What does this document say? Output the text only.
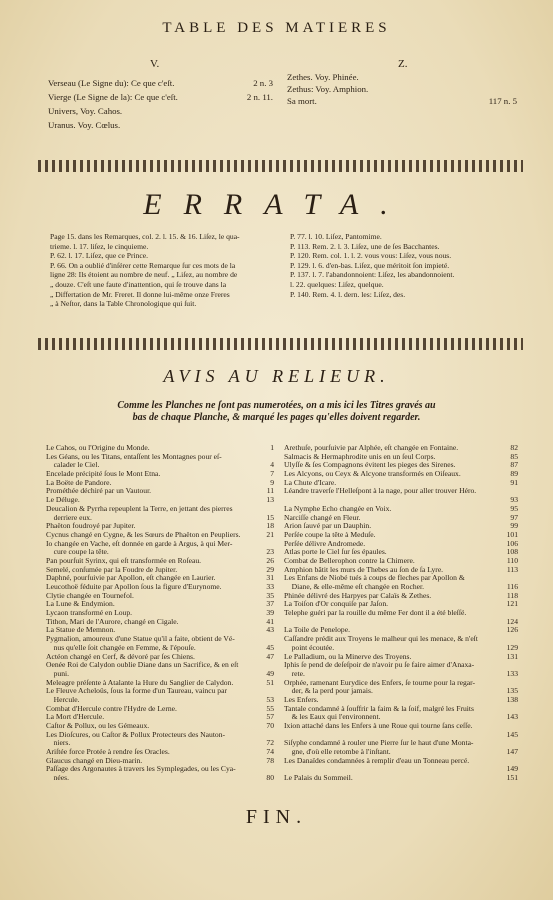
TABLE DES MATIERES
V.	Z.
Verseau (Le Signe du): Ce que c'eſt.	2 n. 3
Vierge (Le Signe de la): Ce que c'eſt.	2 n. 11.
Univers, Voy. Cahos.
Uranus. Voy. Cœlus.
Zethes. Voy. Phinée.
Zethus: Voy. Amphion.
Sa mort.	117 n. 5
ERRATA.
Page 15. dans les Remarques, col. 2. l. 15. & 16. Liſez, le qua-
trieme. l. 17. liſez, le cinquieme.
P. 62. l. 17. Liſez, que ce Prince.
P. 66. On a oublié d'inſérer cette Remarque ſur ces mots de la
ligne 28: Ils étoient au nombre de neuf. „ Liſez, au nombre de
„ douze. C'eſt une faute d'inattention, qui ſe trouve dans la
„ Differtation de Mr. Freret. Il donne lui-même onze Freres
„ à Neſtor, dans la Table Chronologique qui ſuit.
P. 77. l. 10. Liſez, Pantomime.
P. 113. Rem. 2. l. 3. Liſez, une de ſes Bacchantes.
P. 120. Rem. col. 1. l. 2. vous vous: Liſez, vous nous.
P. 129. l. 6. d'en-bas. Liſez, que méritoit ſon impieté.
P. 137. l. 7. l'abandonnoient: Liſez, les abandonnoient.
l. 22. quelques: Liſez, quelque.
P. 140. Rem. 4. l. dern. les: Liſez, des.
AVIS AU RELIEUR.
Comme les Planches ne ſont pas numerotées, on a mis ici les Titres gravés au
bas de chaque Planche, & marqué les pages qu'elles doivent regarder.
Le Cahos, ou l'Origine du Monde.	1
Les Géans, ou les Titans, entaſſent les Montagnes pour eſ-
calader le Ciel.	4
Encelade précipité ſous le Mont Etna.	7
La Boëte de Pandore.	9
Prométhée déchiré par un Vautour.	11
Le Déluge.	13
Deucalion & Pyrrha repeuplent la Terre, en jettant des pierres
derriere eux.	15
Phaëton foudroyé par Jupiter.	18
Cycnus changé en Cygne, & les Sœurs de Phaëton en Peupliers.	21
Io changée en Vache, eſt donnée en garde à Argus, à qui Mer-
cure coupe la tête.	23
Pan pourſuit Syrinx, qui eſt transformée en Roſeau.	26
Semelé, conſumée par la Foudre de Jupiter.	29
Daphné, pourſuivie par Apollon, eſt changée en Laurier.	31
Leucothoë féduite par Apollon ſous la figure d'Eurynome.	33
Clytie changée en Tournefol.	35
La Lune & Endymion.	37
Lycaon transformé en Loup.	39
Tithon, Mari de l'Aurore, changé en Cigale.	41
La Statue de Memnon.	43
Pygmalion, amoureux d'une Statue qu'il a faite, obtient de Vé-
nus qu'elle ſoit changée en Femme, & l'épouſe.	45
Actéon changé en Cerf, & dévoré par ſes Chiens.	47
Oenée Roi de Calydon oublie Diane dans un Sacrifice, & en eſt
puni.	49
Meleagre préſente à Atalante la Hure du Sanglier de Calydon.	51
Le Fleuve Acheloüs, ſous la forme d'un Taureau, vaincu par
Hercule.	53
Combat d'Hercule contre l'Hydre de Lerne.	55
La Mort d'Hercule.	57
Caſtor & Pollux, ou les Gémeaux.	70
Les Dioſcures, ou Caſtor & Pollux Protecteurs des Nauton-
niers.	72
Ariſtée force Protée à rendre ſes Oracles.	74
Glaucus changé en Dieu-marin.	78
Paſſage des Argonautes à travers les Symplegades, ou les Cya-
nées.	80
Arethuſe, pourſuivie par Alphée, eſt changée en Fontaine.	82
Salmacis & Hermaphrodite unis en un ſeul Corps.	85
Ulyſſe & ſes Compagnons évitent les pieges des Sirenes.	87
Les Alcyons, ou Ceyx & Alcyone transformés en Oiſeaux.	89
La Chute d'Icare.	91
Léandre traverſe l'Helleſpont à la nage, pour aller trouver Héro.
93
La Nymphe Echo changée en Voix.	95
Narciſſe changé en Fleur.	97
Arion ſauvé par un Dauphin.	99
Perſée coupe la tête à Meduſe.	101
Perſée délivre Andromede.	106
Atlas porte le Ciel ſur ſes épaules.	108
Combat de Bellerophon contre la Chimere.	110
Amphion bâtit les murs de Thebes au ſon de ſa Lyre.	113
Les Enfans de Niobé tués à coups de fleches par Apollon &
Diane, & elle-même eſt changée en Rocher.	116
Phinée délivré des Harpyes par Calaïs & Zethes.	118
La Toiſon d'Or conquiſe par Jaſon.	121
Telephe guéri par la rouille du même Fer dont il a été bleſſé.
124
La Toile de Penelope.	126
Caſſandre prédit aux Troyens le malheur qui les menace, & n'eſt
point écoutée.	129
Le Palladium, ou la Minerve des Troyens.	131
Iphis ſe pend de deſeſpoir de n'avoir pu ſe faire aimer d'Anaxa-
rete.	133
Orphée, ramenant Eurydice des Enfers, ſe tourne pour la regar-
der, & la perd pour jamais.	135
Les Enfers.	138
Tantale condamné à ſouffrir la faim & la ſoif, malgré les Fruits
& les Eaux qui l'environnent.	143
Ixion attaché dans les Enfers à une Roue qui tourne ſans ceſſe.
145
Siſyphe condamné à rouler une Pierre ſur le haut d'une Monta-
gne, d'où elle retombe à l'inſtant.	147
Les Danaïdes condamnées à remplir d'eau un Tonneau percé.
149
Le Palais du Sommeil.	151
FIN.
